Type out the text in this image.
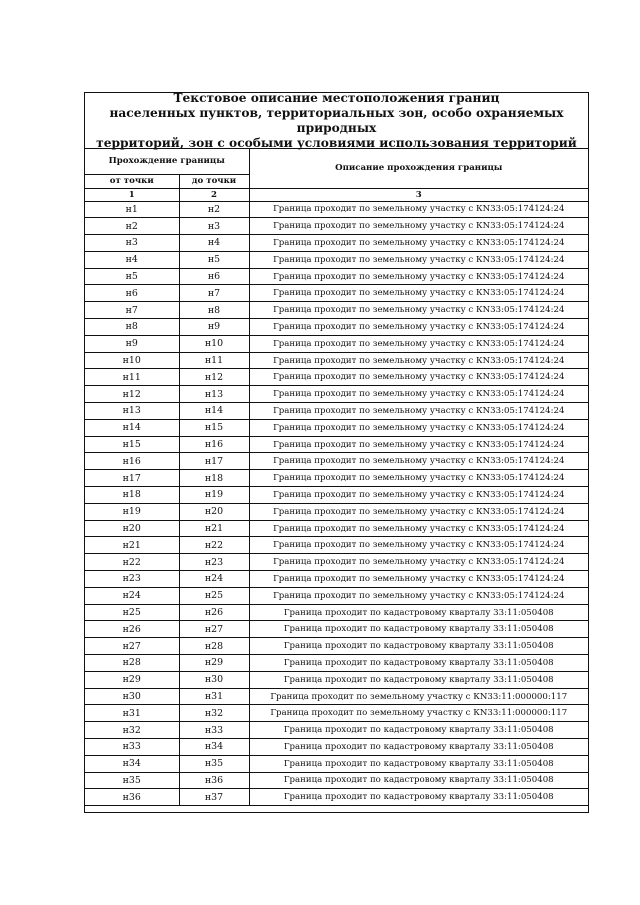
Текстовое описание местоположения границ
населенных пунктов, территориальных зон, особо охраняемых природных
территорий, зон с особыми условиями использования территорий
Прохождение границы		Описание прохождения границы
от точки	до точки	
1	2	3
н1	н2	Граница проходит по земельному участку с КN33:05:174124:24
н2	н3	Граница проходит по земельному участку с КN33:05:174124:24
н3	н4	Граница проходит по земельному участку с КN33:05:174124:24
н4	н5	Граница проходит по земельному участку с КN33:05:174124:24
н5	н6	Граница проходит по земельному участку с КN33:05:174124:24
н6	н7	Граница проходит по земельному участку с КN33:05:174124:24
н7	н8	Граница проходит по земельному участку с КN33:05:174124:24
н8	н9	Граница проходит по земельному участку с КN33:05:174124:24
н9	н10	Граница проходит по земельному участку с КN33:05:174124:24
н10	н11	Граница проходит по земельному участку с КN33:05:174124:24
н11	н12	Граница проходит по земельному участку с КN33:05:174124:24
н12	н13	Граница проходит по земельному участку с КN33:05:174124:24
н13	н14	Граница проходит по земельному участку с КN33:05:174124:24
н14	н15	Граница проходит по земельному участку с КN33:05:174124:24
н15	н16	Граница проходит по земельному участку с КN33:05:174124:24
н16	н17	Граница проходит по земельному участку с КN33:05:174124:24
н17	н18	Граница проходит по земельному участку с КN33:05:174124:24
н18	н19	Граница проходит по земельному участку с КN33:05:174124:24
н19	н20	Граница проходит по земельному участку с КN33:05:174124:24
н20	н21	Граница проходит по земельному участку с КN33:05:174124:24
н21	н22	Граница проходит по земельному участку с КN33:05:174124:24
н22	н23	Граница проходит по земельному участку с КN33:05:174124:24
н23	н24	Граница проходит по земельному участку с КN33:05:174124:24
н24	н25	Граница проходит по земельному участку с КN33:05:174124:24
н25	н26	Граница проходит по кадастровому кварталу 33:11:050408
н26	н27	Граница проходит по кадастровому кварталу 33:11:050408
н27	н28	Граница проходит по кадастровому кварталу 33:11:050408
н28	н29	Граница проходит по кадастровому кварталу 33:11:050408
н29	н30	Граница проходит по кадастровому кварталу 33:11:050408
н30	н31	Граница проходит по земельному участку с КN33:11:000000:117
н31	н32	Граница проходит по земельному участку с КN33:11:000000:117
н32	н33	Граница проходит по кадастровому кварталу 33:11:050408
н33	н34	Граница проходит по кадастровому кварталу 33:11:050408
н34	н35	Граница проходит по кадастровому кварталу 33:11:050408
н35	н36	Граница проходит по кадастровому кварталу 33:11:050408
н36	н37	Граница проходит по кадастровому кварталу 33:11:050408
